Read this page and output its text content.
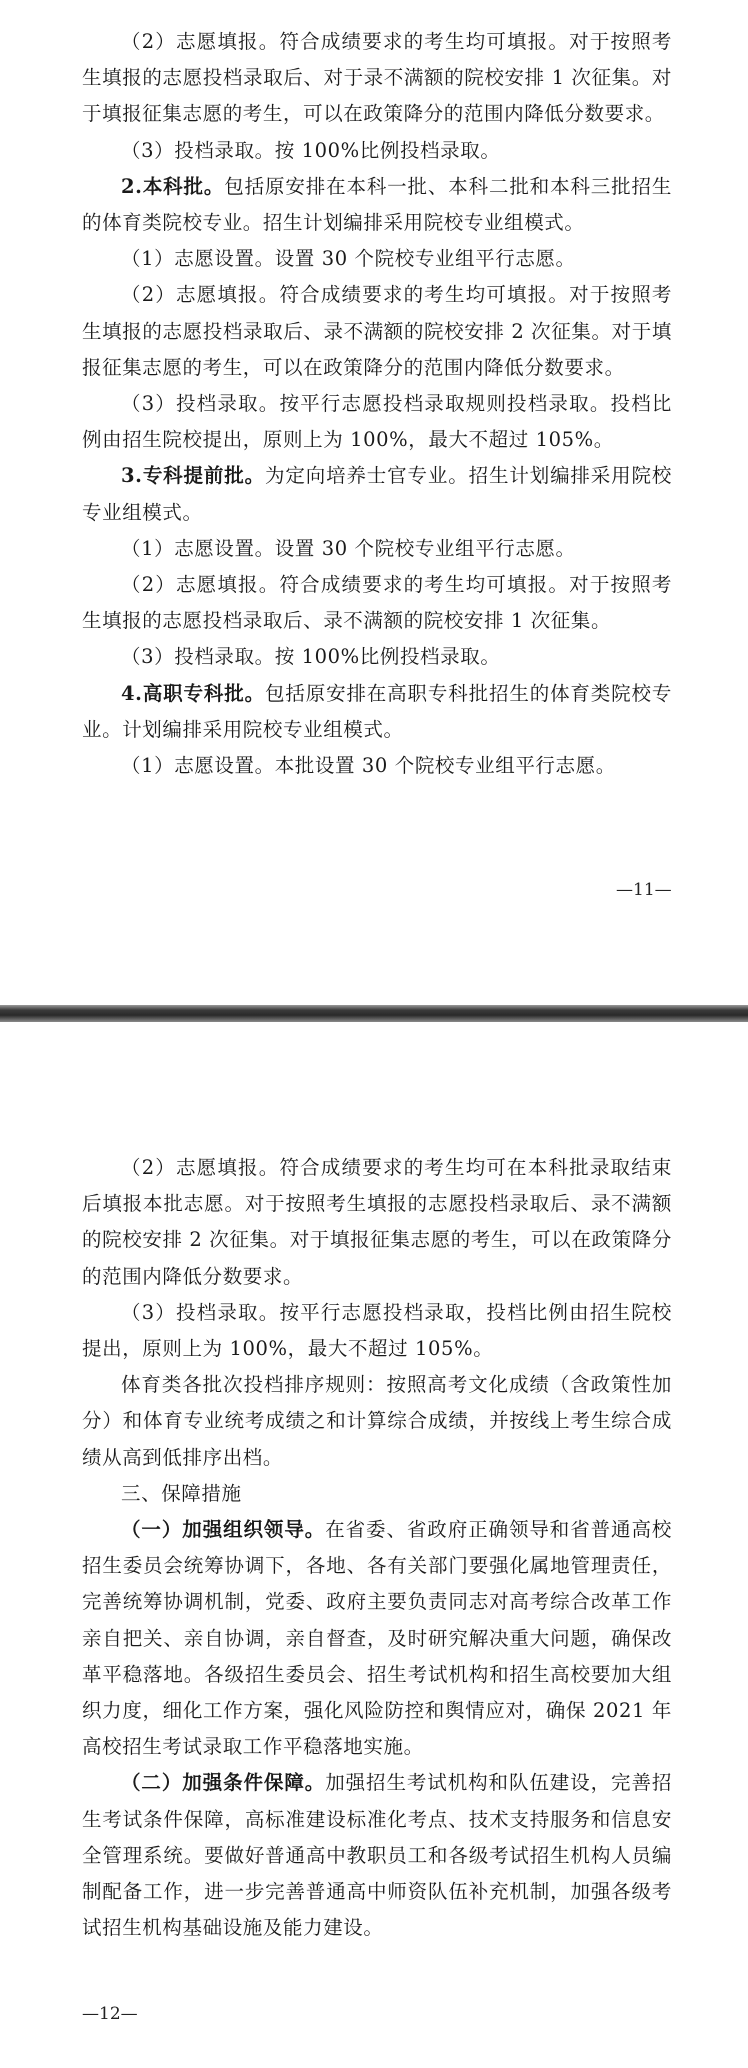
（2）志愿填报。符合成绩要求的考生均可填报。对于按照考生填报的志愿投档录取后、对于录不满额的院校安排 1 次征集。对于填报征集志愿的考生，可以在政策降分的范围内降低分数要求。

（3）投档录取。按 100%比例投档录取。

2.本科批。包括原安排在本科一批、本科二批和本科三批招生的体育类院校专业。招生计划编排采用院校专业组模式。

（1）志愿设置。设置 30 个院校专业组平行志愿。

（2）志愿填报。符合成绩要求的考生均可填报。对于按照考生填报的志愿投档录取后、录不满额的院校安排 2 次征集。对于填报征集志愿的考生，可以在政策降分的范围内降低分数要求。

（3）投档录取。按平行志愿投档录取规则投档录取。投档比例由招生院校提出，原则上为 100%，最大不超过 105%。

3.专科提前批。为定向培养士官专业。招生计划编排采用院校专业组模式。

（1）志愿设置。设置 30 个院校专业组平行志愿。

（2）志愿填报。符合成绩要求的考生均可填报。对于按照考生填报的志愿投档录取后、录不满额的院校安排 1 次征集。

（3）投档录取。按 100%比例投档录取。

4.高职专科批。包括原安排在高职专科批招生的体育类院校专业。计划编排采用院校专业组模式。

（1）志愿设置。本批设置 30 个院校专业组平行志愿。

—11—

（2）志愿填报。符合成绩要求的考生均可在本科批录取结束后填报本批志愿。对于按照考生填报的志愿投档录取后、录不满额的院校安排 2 次征集。对于填报征集志愿的考生，可以在政策降分的范围内降低分数要求。

（3）投档录取。按平行志愿投档录取，投档比例由招生院校提出，原则上为 100%，最大不超过 105%。

体育类各批次投档排序规则：按照高考文化成绩（含政策性加分）和体育专业统考成绩之和计算综合成绩，并按线上考生综合成绩从高到低排序出档。

三、保障措施

（一）加强组织领导。在省委、省政府正确领导和省普通高校招生委员会统筹协调下，各地、各有关部门要强化属地管理责任，完善统筹协调机制，党委、政府主要负责同志对高考综合改革工作亲自把关、亲自协调，亲自督查，及时研究解决重大问题，确保改革平稳落地。各级招生委员会、招生考试机构和招生高校要加大组织力度，细化工作方案，强化风险防控和舆情应对，确保 2021 年高校招生考试录取工作平稳落地实施。

（二）加强条件保障。加强招生考试机构和队伍建设，完善招生考试条件保障，高标准建设标准化考点、技术支持服务和信息安全管理系统。要做好普通高中教职员工和各级考试招生机构人员编制配备工作，进一步完善普通高中师资队伍补充机制，加强各级考试招生机构基础设施及能力建设。

—12—
